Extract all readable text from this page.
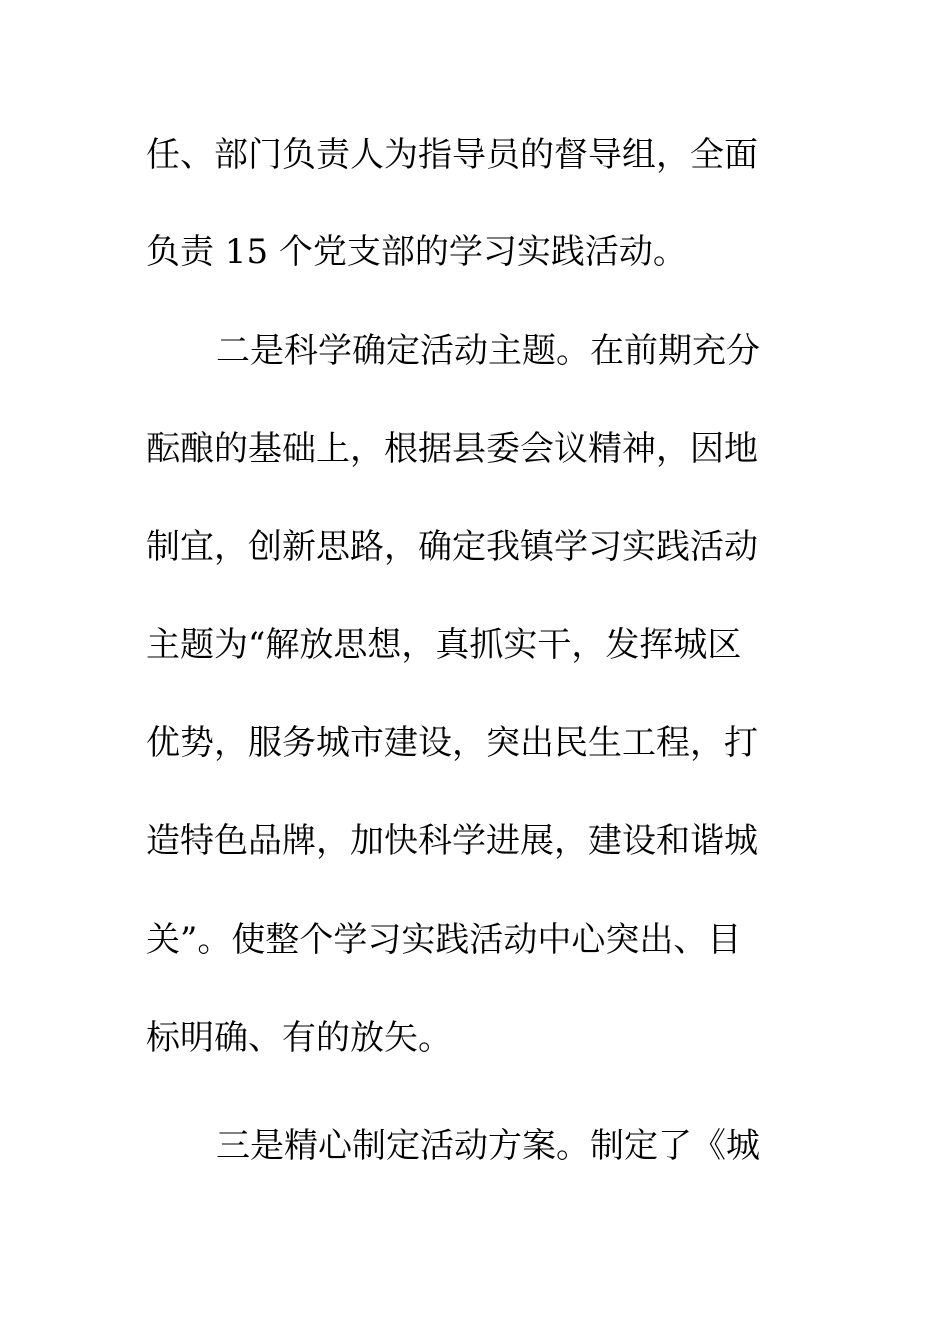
任、部门负责人为指导员的督导组，全面
负责 15 个党支部的学习实践活动。
二是科学确定活动主题。在前期充分
酝酿的基础上，根据县委会议精神，因地
制宜，创新思路，确定我镇学习实践活动
主题为“解放思想，真抓实干，发挥城区
优势，服务城市建设，突出民生工程，打
造特色品牌，加快科学进展，建设和谐城
关”。使整个学习实践活动中心突出、目
标明确、有的放矢。
三是精心制定活动方案。制定了《城
